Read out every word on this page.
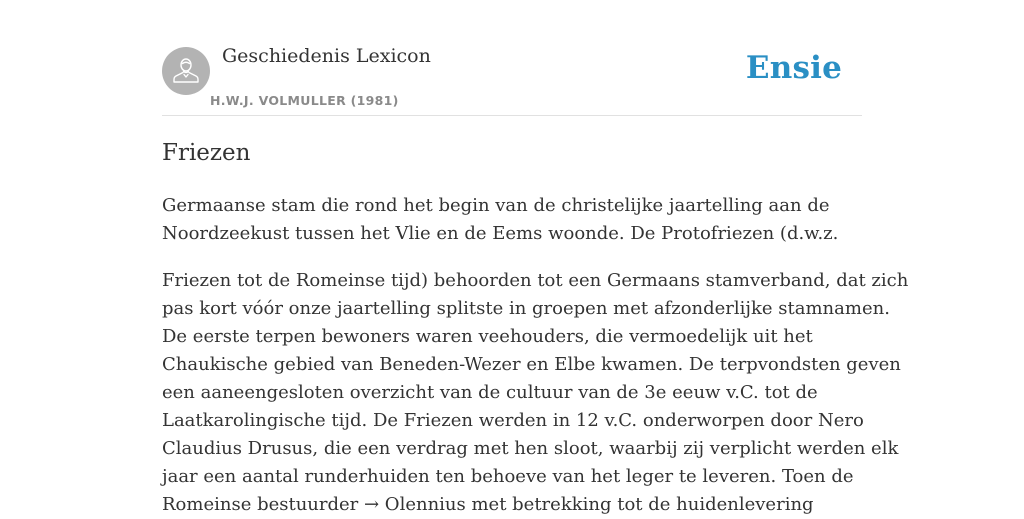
Geschiedenis Lexicon
H.W.J. VOLMULLER (1981)
Ensie
Friezen

Germaanse stam die rond het begin van de christelijke jaartelling aan de
Noordzeekust tussen het Vlie en de Eems woonde. De Protofriezen (d.w.z.

Friezen tot de Romeinse tijd) behoorden tot een Germaans stamverband, dat zich
pas kort vóór onze jaartelling splitste in groepen met afzonderlijke stamnamen.
De eerste terpen bewoners waren veehouders, die vermoedelijk uit het
Chaukische gebied van Beneden-Wezer en Elbe kwamen. De terpvondsten geven
een aaneengesloten overzicht van de cultuur van de 3e eeuw v.C. tot de
Laatkarolingische tijd. De Friezen werden in 12 v.C. onderworpen door Nero
Claudius Drusus, die een verdrag met hen sloot, waarbij zij verplicht werden elk
jaar een aantal runderhuiden ten behoeve van het leger te leveren. Toen de
Romeinse bestuurder → Olennius met betrekking tot de huidenlevering
